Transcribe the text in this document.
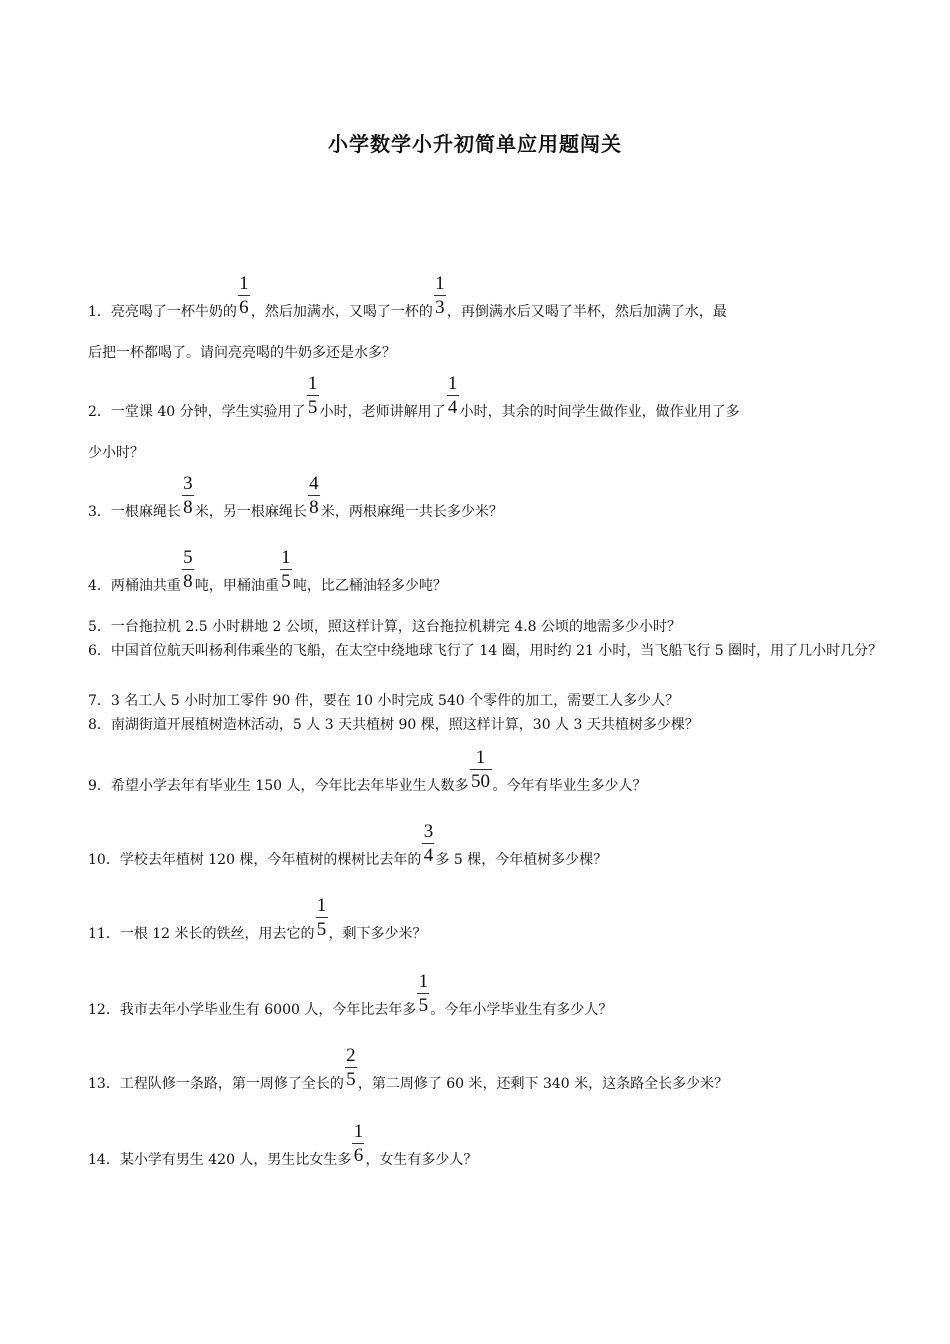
小学数学小升初简单应用题闯关
1．亮亮喝了一杯牛奶的 $\frac{1}{6}$ ，然后加满水，又喝了一杯的 $\frac{1}{3}$ ，再倒满水后又喝了半杯，然后加满了水，最
后把一杯都喝了。请问亮亮喝的牛奶多还是水多？
2．一堂课 40 分钟，学生实验用了 $\frac{1}{5}$ 小时，老师讲解用了 $\frac{1}{4}$ 小时，其余的时间学生做作业，做作业用了多
少小时？
3．一根麻绳长 $\frac{3}{8}$ 米，另一根麻绳长 $\frac{4}{8}$ 米，两根麻绳一共长多少米？
4．两桶油共重 $\frac{5}{8}$ 吨，甲桶油重 $\frac{1}{5}$ 吨，比乙桶油轻多少吨？
5．一台拖拉机 2.5 小时耕地 2 公顷，照这样计算，这台拖拉机耕完 4.8 公顷的地需多少小时？
6．中国首位航天叫杨利伟乘坐的飞船，在太空中绕地球飞行了 14 圈，用时约 21 小时，当飞船飞行 5 圈时，用了几小时几分？
7．3 名工人 5 小时加工零件 90 件，要在 10 小时完成 540 个零件的加工，需要工人多少人？
8．南湖街道开展植树造林活动，5 人 3 天共植树 90 棵，照这样计算，30 人 3 天共植树多少棵？
9．希望小学去年有毕业生 150 人，今年比去年毕业生人数多 $\frac{1}{50}$ 。今年有毕业生多少人？
10．学校去年植树 120 棵，今年植树的棵树比去年的 $\frac{3}{4}$ 多 5 棵，今年植树多少棵？
11．一根 12 米长的铁丝，用去它的 $\frac{1}{5}$ ，剩下多少米？
12．我市去年小学毕业生有 6000 人，今年比去年多 $\frac{1}{5}$ 。今年小学毕业生有多少人？
13．工程队修一条路，第一周修了全长的 $\frac{2}{5}$ ，第二周修了 60 米，还剩下 340 米，这条路全长多少米？
14．某小学有男生 420 人，男生比女生多 $\frac{1}{6}$ ，女生有多少人？
